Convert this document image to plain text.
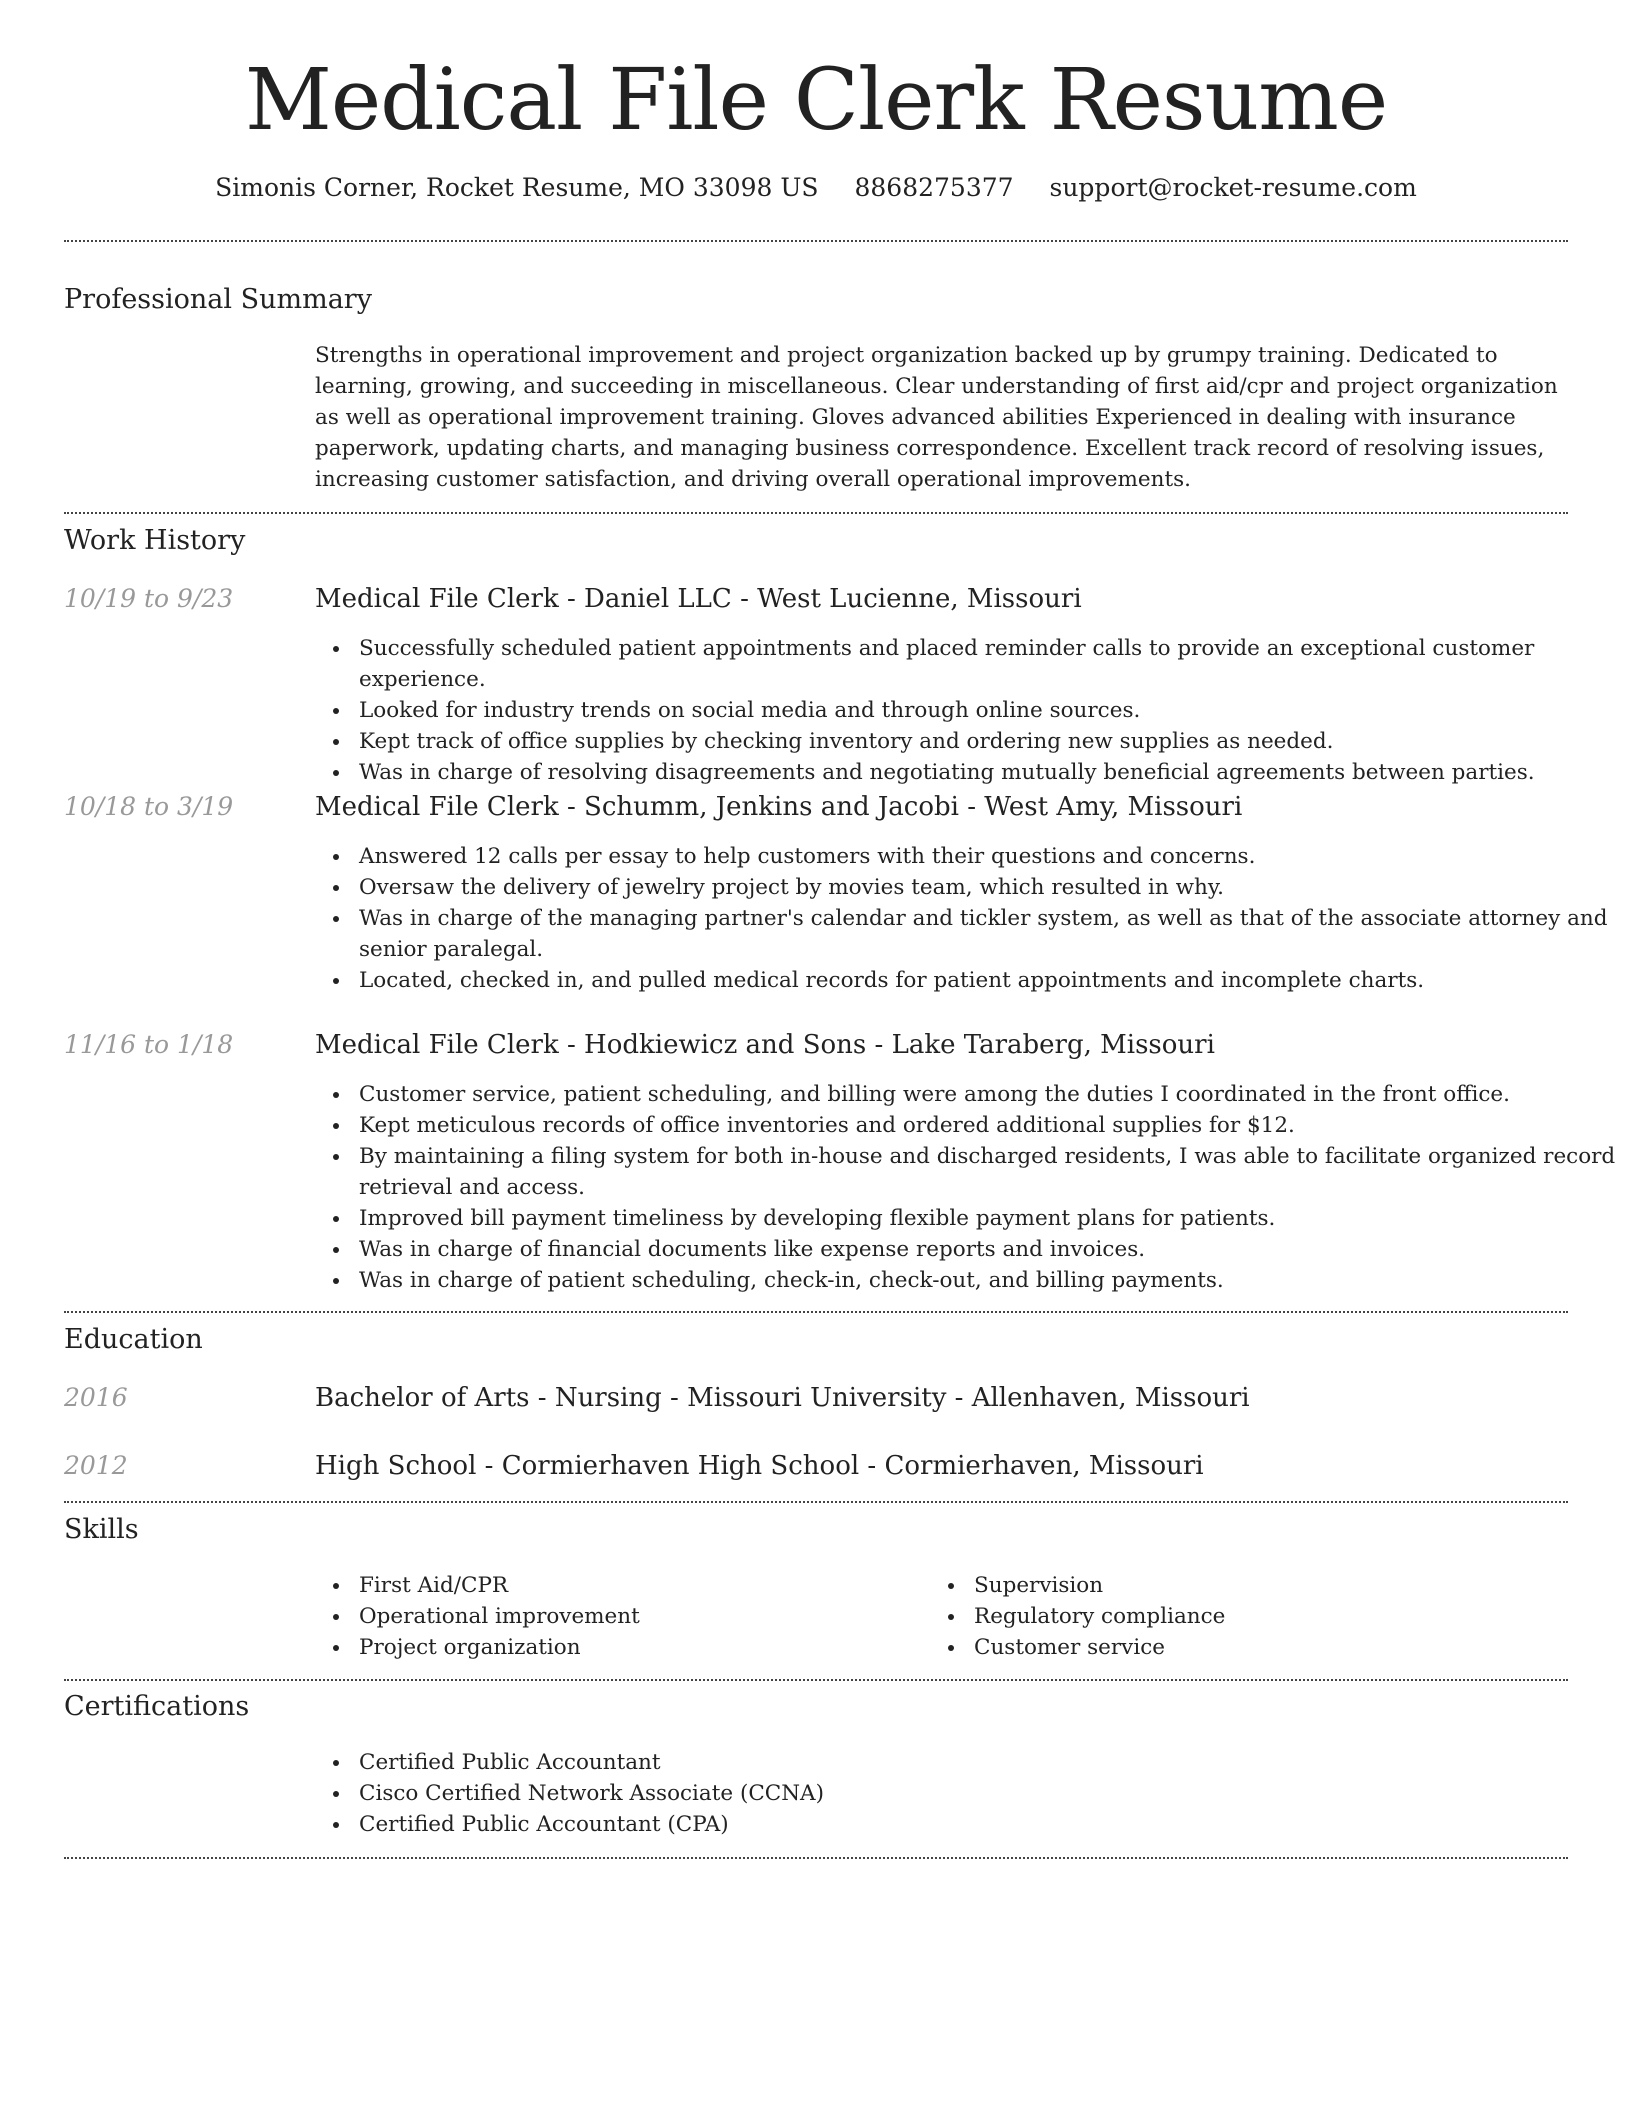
Medical File Clerk Resume
Simonis Corner, Rocket Resume, MO 33098 US 8868275377 support@rocket-resume.com
Professional Summary
Strengths in operational improvement and project organization backed up by grumpy training. Dedicated to learning, growing, and succeeding in miscellaneous. Clear understanding of first aid/cpr and project organization as well as operational improvement training. Gloves advanced abilities Experienced in dealing with insurance paperwork, updating charts, and managing business correspondence. Excellent track record of resolving issues, increasing customer satisfaction, and driving overall operational improvements.
Work History
10/19 to 9/23	Medical File Clerk - Daniel LLC - West Lucienne, Missouri
Successfully scheduled patient appointments and placed reminder calls to provide an exceptional customer experience.
Looked for industry trends on social media and through online sources.
Kept track of office supplies by checking inventory and ordering new supplies as needed.
Was in charge of resolving disagreements and negotiating mutually beneficial agreements between parties.
10/18 to 3/19	Medical File Clerk - Schumm, Jenkins and Jacobi - West Amy, Missouri
Answered 12 calls per essay to help customers with their questions and concerns.
Oversaw the delivery of jewelry project by movies team, which resulted in why.
Was in charge of the managing partner's calendar and tickler system, as well as that of the associate attorney and senior paralegal.
Located, checked in, and pulled medical records for patient appointments and incomplete charts.
11/16 to 1/18	Medical File Clerk - Hodkiewicz and Sons - Lake Taraberg, Missouri
Customer service, patient scheduling, and billing were among the duties I coordinated in the front office.
Kept meticulous records of office inventories and ordered additional supplies for $12.
By maintaining a filing system for both in-house and discharged residents, I was able to facilitate organized record retrieval and access.
Improved bill payment timeliness by developing flexible payment plans for patients.
Was in charge of financial documents like expense reports and invoices.
Was in charge of patient scheduling, check-in, check-out, and billing payments.
Education
2016	Bachelor of Arts - Nursing - Missouri University - Allenhaven, Missouri
2012	High School - Cormierhaven High School - Cormierhaven, Missouri
Skills
First Aid/CPR
Operational improvement
Project organization
Supervision
Regulatory compliance
Customer service
Certifications
Certified Public Accountant
Cisco Certified Network Associate (CCNA)
Certified Public Accountant (CPA)
